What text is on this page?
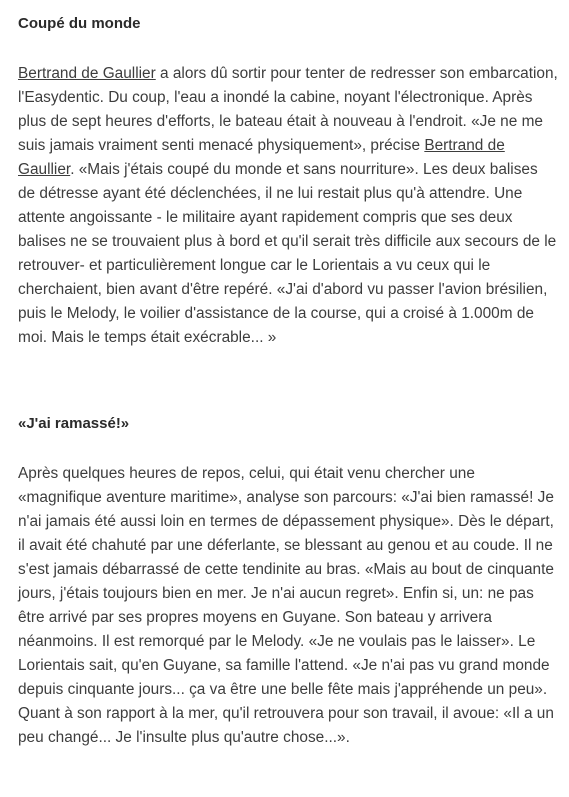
Coupé du monde

Bertrand de Gaullier a alors dû sortir pour tenter de redresser son embarcation, l'Easydentic. Du coup, l'eau a inondé la cabine, noyant l'électronique. Après plus de sept heures d'efforts, le bateau était à nouveau à l'endroit. «Je ne me suis jamais vraiment senti menacé physiquement», précise Bertrand de Gaullier. «Mais j'étais coupé du monde et sans nourriture». Les deux balises de détresse ayant été déclenchées, il ne lui restait plus qu'à attendre. Une attente angoissante - le militaire ayant rapidement compris que ses deux balises ne se trouvaient plus à bord et qu'il serait très difficile aux secours de le retrouver- et particulièrement longue car le Lorientais a vu ceux qui le cherchaient, bien avant d'être repéré. «J'ai d'abord vu passer l'avion brésilien, puis le Melody, le voilier d'assistance de la course, qui a croisé à 1.000m de moi. Mais le temps était exécrable... »

«J'ai ramassé!»

Après quelques heures de repos, celui, qui était venu chercher une «magnifique aventure maritime», analyse son parcours: «J'ai bien ramassé! Je n'ai jamais été aussi loin en termes de dépassement physique». Dès le départ, il avait été chahuté par une déferlante, se blessant au genou et au coude. Il ne s'est jamais débarrassé de cette tendinite au bras. «Mais au bout de cinquante jours, j'étais toujours bien en mer. Je n'ai aucun regret». Enfin si, un: ne pas être arrivé par ses propres moyens en Guyane. Son bateau y arrivera néanmoins. Il est remorqué par le Melody. «Je ne voulais pas le laisser». Le Lorientais sait, qu'en Guyane, sa famille l'attend. «Je n'ai pas vu grand monde depuis cinquante jours... ça va être une belle fête mais j'appréhende un peu». Quant à son rapport à la mer, qu'il retrouvera pour son travail, il avoue: «Il a un peu changé... Je l'insulte plus qu'autre chose...».
